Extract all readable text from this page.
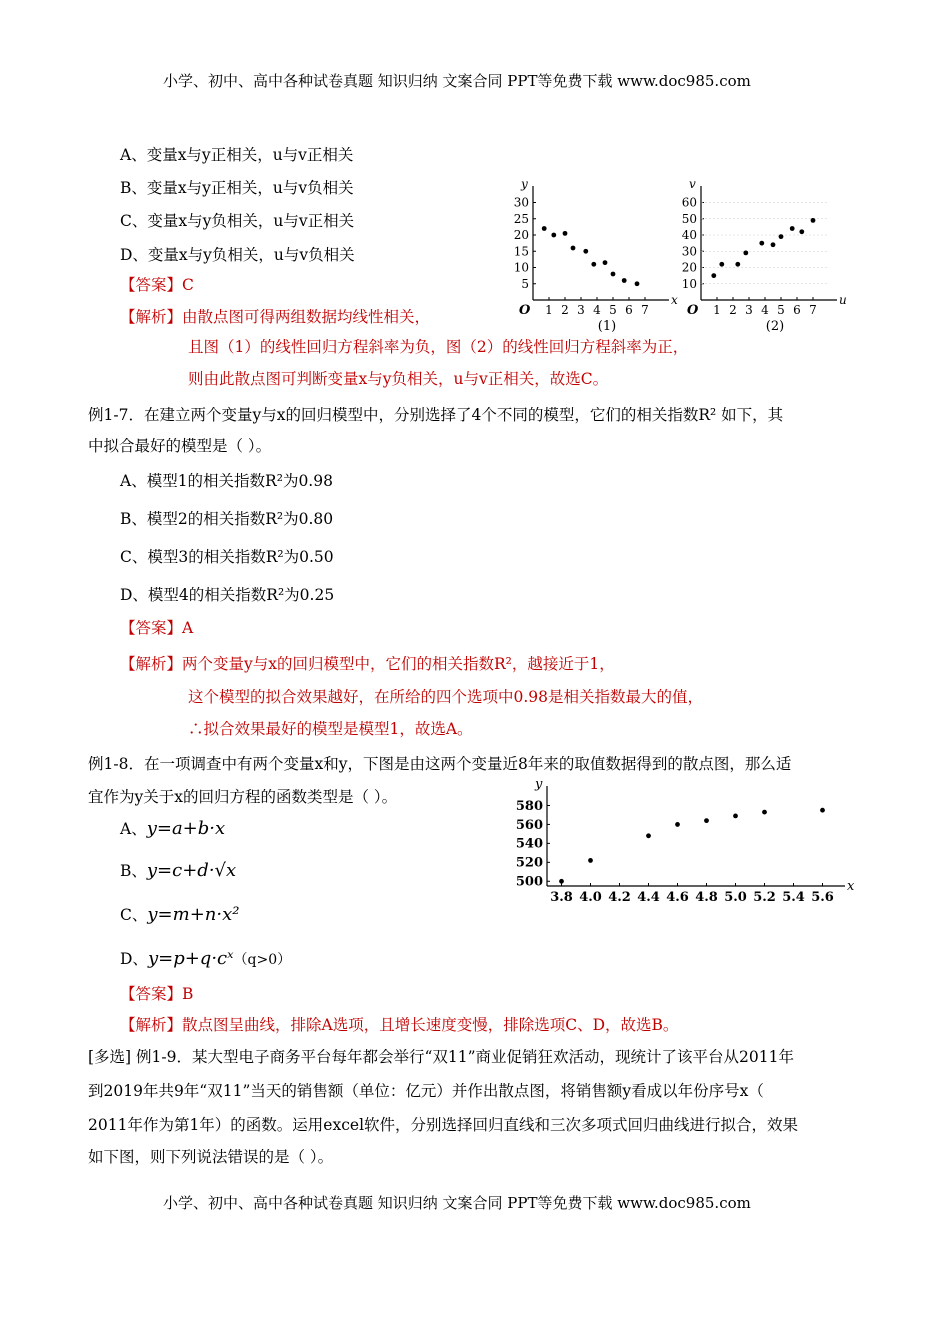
小学、初中、高中各种试卷真题 知识归纳 文案合同 PPT等免费下载 www.doc985.com
小学、初中、高中各种试卷真题 知识归纳 文案合同 PPT等免费下载 www.doc985.com
A、变量x与y正相关，u与v正相关
B、变量x与y正相关，u与v负相关
C、变量x与y负相关，u与v正相关
D、变量x与y负相关，u与v负相关
【答案】C
【解析】由散点图可得两组数据均线性相关，
且图（1）的线性回归方程斜率为负，图（2）的线性回归方程斜率为正，
则由此散点图可判断变量x与y负相关，u与v正相关，故选C。
x
y
O 1 2 3 4 5 6 7
5
10
15
20
25
30
(1)
u
v
O 1 2 3 4 5 6 7
10
20
30
40
50
60
(2)
例1-7．在建立两个变量y与x的回归模型中，分别选择了4个不同的模型，它们的相关指数R² 如下，其
中拟合最好的模型是（ ）。
A、模型1的相关指数R²为0.98
B、模型2的相关指数R²为0.80
C、模型3的相关指数R²为0.50
D、模型4的相关指数R²为0.25
【答案】A
【解析】两个变量y与x的回归模型中，它们的相关指数R²，越接近于1，
这个模型的拟合效果越好，在所给的四个选项中0.98是相关指数最大的值，
∴拟合效果最好的模型是模型1，故选A。
例1-8．在一项调查中有两个变量x和y，下图是由这两个变量近8年来的取值数据得到的散点图，那么适
宜作为y关于x的回归方程的函数类型是（ ）。
A、y=a+b·x
B、y=c+d·√x
C、y=m+n·x²
D、y=p+q·cˣ（q>0）
【答案】B
【解析】散点图呈曲线，排除A选项，且增长速度变慢，排除选项C、D，故选B。
x
y
3.8 4.0 4.2 4.4 4.6 4.8 5.0 5.2 5.4 5.6
500
520
540
560
580
[多选] 例1-9．某大型电子商务平台每年都会举行“双11”商业促销狂欢活动，现统计了该平台从2011年
到2019年共9年“双11”当天的销售额（单位：亿元）并作出散点图，将销售额y看成以年份序号x（
2011年作为第1年）的函数。运用excel软件，分别选择回归直线和三次多项式回归曲线进行拟合，效果
如下图，则下列说法错误的是（ ）。
